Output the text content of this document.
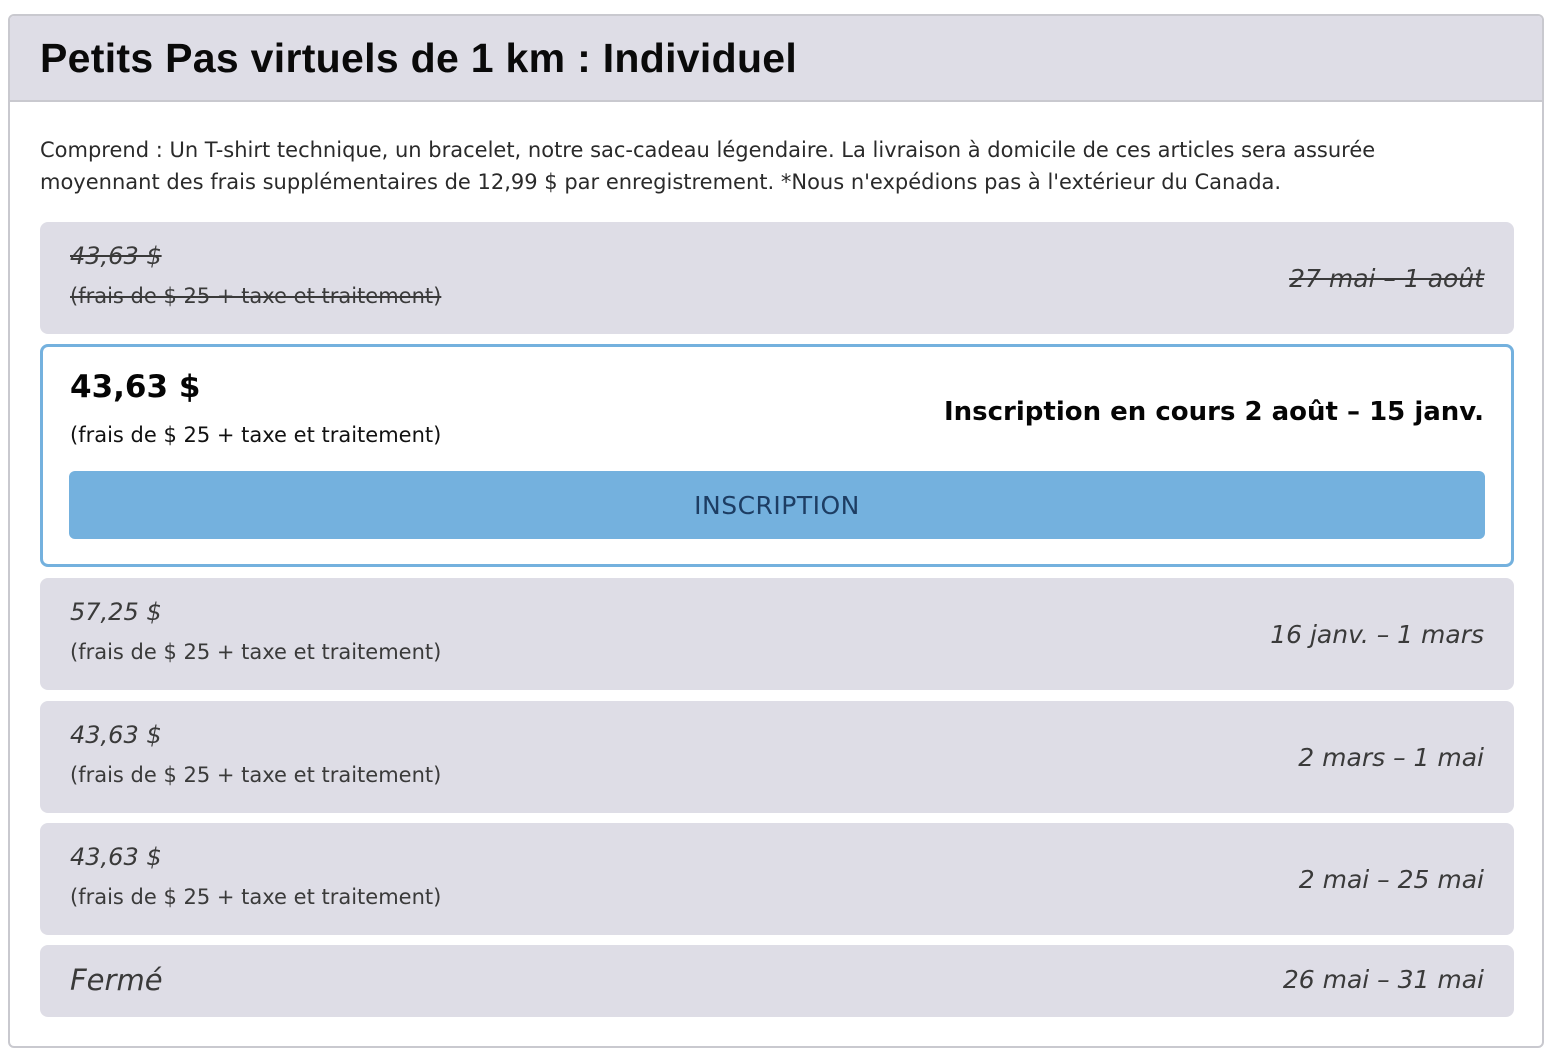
Petits Pas virtuels de 1 km : Individuel

Comprend : Un T-shirt technique, un bracelet, notre sac-cadeau légendaire. La livraison à domicile de ces articles sera assurée moyennant des frais supplémentaires de 12,99 $ par enregistrement. *Nous n'expédions pas à l'extérieur du Canada.

43,63 $
(frais de $ 25 + taxe et traitement)
27 mai – 1 août
43,63 $
(frais de $ 25 + taxe et traitement)
Inscription en cours 2 août – 15 janv.
INSCRIPTION
57,25 $
(frais de $ 25 + taxe et traitement)
16 janv. – 1 mars
43,63 $
(frais de $ 25 + taxe et traitement)
2 mars – 1 mai
43,63 $
(frais de $ 25 + taxe et traitement)
2 mai – 25 mai
Fermé	26 mai – 31 mai
